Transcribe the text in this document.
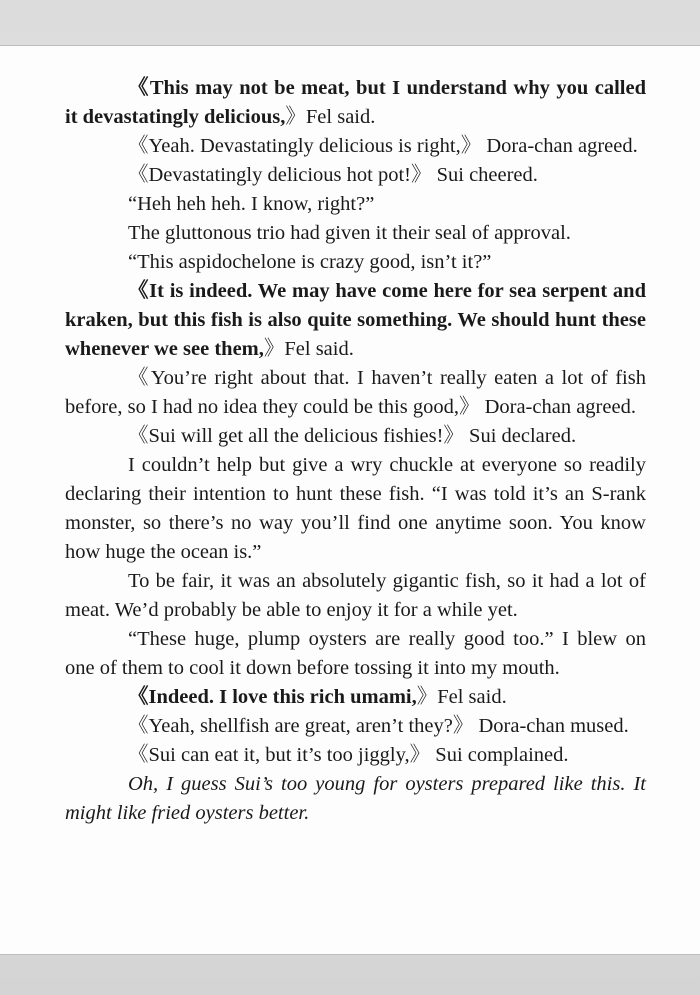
《This may not be meat, but I understand why you called it devastatingly delicious,》Fel said.

《Yeah. Devastatingly delicious is right,》 Dora-chan agreed.

《Devastatingly delicious hot pot!》 Sui cheered.

“Heh heh heh. I know, right?”

The gluttonous trio had given it their seal of approval.

“This aspidochelone is crazy good, isn’t it?”

《It is indeed. We may have come here for sea serpent and kraken, but this fish is also quite something. We should hunt these whenever we see them,》Fel said.

《You’re right about that. I haven’t really eaten a lot of fish before, so I had no idea they could be this good,》 Dora-chan agreed.

《Sui will get all the delicious fishies!》 Sui declared.

I couldn’t help but give a wry chuckle at everyone so readily declaring their intention to hunt these fish. “I was told it’s an S-rank monster, so there’s no way you’ll find one anytime soon. You know how huge the ocean is.”

To be fair, it was an absolutely gigantic fish, so it had a lot of meat. We’d probably be able to enjoy it for a while yet.

“These huge, plump oysters are really good too.” I blew on one of them to cool it down before tossing it into my mouth.

《Indeed. I love this rich umami,》Fel said.

《Yeah, shellfish are great, aren’t they?》 Dora-chan mused.

《Sui can eat it, but it’s too jiggly,》 Sui complained.

Oh, I guess Sui’s too young for oysters prepared like this. It might like fried oysters better.
